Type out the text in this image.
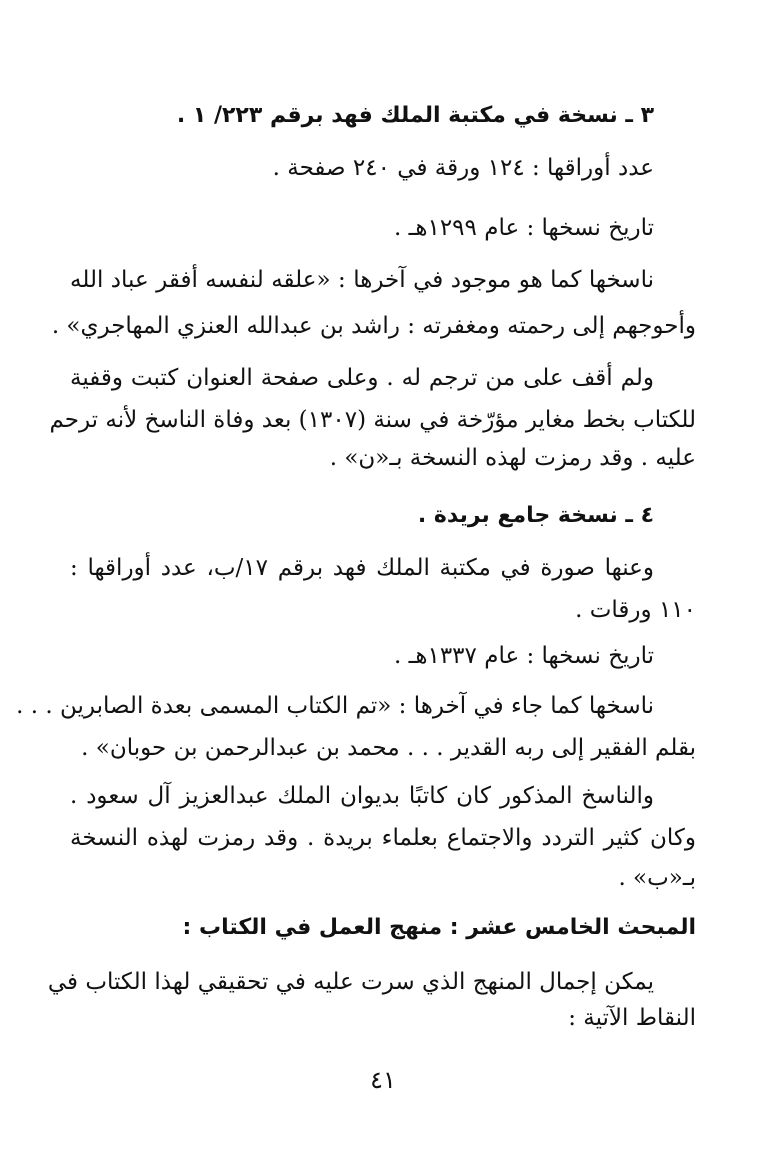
٣ ـ نسخة في مكتبة الملك فهد برقم ٢٢٣/ ١ .
عدد أوراقها : ١٢٤ ورقة في ٢٤٠ صفحة .
تاريخ نسخها : عام ١٢٩٩هـ .
ناسخها كما هو موجود في آخرها : «علقه لنفسه أفقر عباد الله
وأحوجهم إلى رحمته ومغفرته : راشد بن عبدالله العنزي المهاجري» .
ولم أقف على من ترجم له . وعلى صفحة العنوان كتبت وقفية
للكتاب بخط مغاير مؤرّخة في سنة (١٣٠٧) بعد وفاة الناسخ لأنه ترحم
عليه . وقد رمزت لهذه النسخة بـ«ن» .
٤ ـ نسخة جامع بريدة .
وعنها صورة في مكتبة الملك فهد برقم ١٧/ب، عدد أوراقها :
١١٠ ورقات .
تاريخ نسخها : عام ١٣٣٧هـ .
ناسخها كما جاء في آخرها : «تم الكتاب المسمى بعدة الصابرين . . .
بقلم الفقير إلى ربه القدير . . . محمد بن عبدالرحمن بن حوبان» .
والناسخ المذكور كان كاتبًا بديوان الملك عبدالعزيز آل سعود .
وكان كثير التردد والاجتماع بعلماء بريدة . وقد رمزت لهذه النسخة
بـ«ب» .
المبحث الخامس عشر : منهج العمل في الكتاب :
يمكن إجمال المنهج الذي سرت عليه في تحقيقي لهذا الكتاب في
النقاط الآتية :
٤١
